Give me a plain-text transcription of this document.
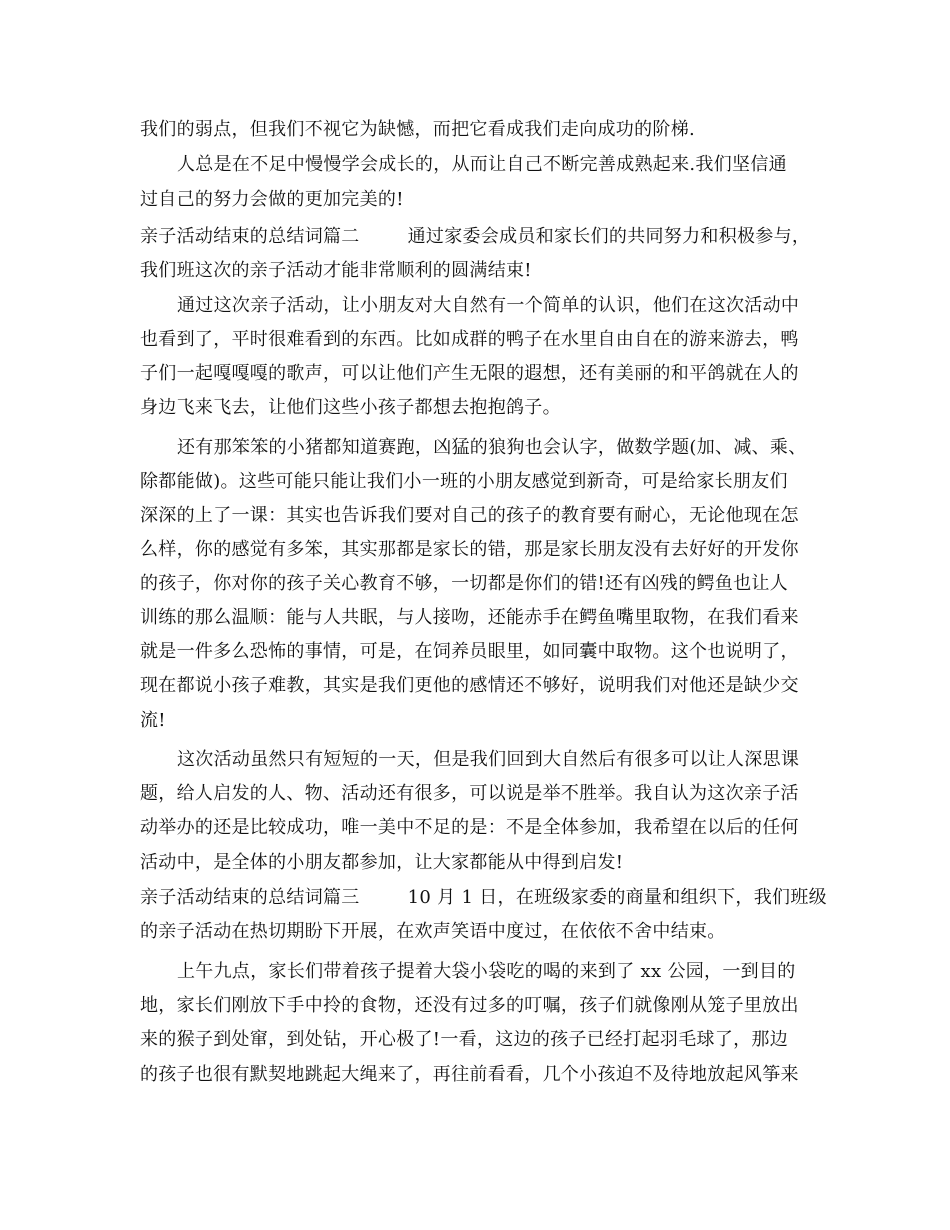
我们的弱点，但我们不视它为缺憾，而把它看成我们走向成功的阶梯.
人总是在不足中慢慢学会成长的，从而让自己不断完善成熟起来.我们坚信通
过自己的努力会做的更加完美的!
亲子活动结束的总结词篇二	通过家委会成员和家长们的共同努力和积极参与，
我们班这次的亲子活动才能非常顺利的圆满结束!
通过这次亲子活动，让小朋友对大自然有一个简单的认识，他们在这次活动中
也看到了，平时很难看到的东西。比如成群的鸭子在水里自由自在的游来游去，鸭
子们一起嘎嘎嘎的歌声，可以让他们产生无限的遐想，还有美丽的和平鸽就在人的
身边飞来飞去，让他们这些小孩子都想去抱抱鸽子。
还有那笨笨的小猪都知道赛跑，凶猛的狼狗也会认字，做数学题(加、减、乘、
除都能做)。这些可能只能让我们小一班的小朋友感觉到新奇，可是给家长朋友们
深深的上了一课：其实也告诉我们要对自己的孩子的教育要有耐心，无论他现在怎
么样，你的感觉有多笨，其实那都是家长的错，那是家长朋友没有去好好的开发你
的孩子，你对你的孩子关心教育不够，一切都是你们的错!还有凶残的鳄鱼也让人
训练的那么温顺：能与人共眠，与人接吻，还能赤手在鳄鱼嘴里取物，在我们看来
就是一件多么恐怖的事情，可是，在饲养员眼里，如同囊中取物。这个也说明了，
现在都说小孩子难教，其实是我们更他的感情还不够好，说明我们对他还是缺少交
流!
这次活动虽然只有短短的一天，但是我们回到大自然后有很多可以让人深思课
题，给人启发的人、物、活动还有很多，可以说是举不胜举。我自认为这次亲子活
动举办的还是比较成功，唯一美中不足的是：不是全体参加，我希望在以后的任何
活动中，是全体的小朋友都参加，让大家都能从中得到启发!
亲子活动结束的总结词篇三	10 月 1 日，在班级家委的商量和组织下，我们班级
的亲子活动在热切期盼下开展，在欢声笑语中度过，在依依不舍中结束。
上午九点，家长们带着孩子提着大袋小袋吃的喝的来到了 xx 公园，一到目的
地，家长们刚放下手中拎的食物，还没有过多的叮嘱，孩子们就像刚从笼子里放出
来的猴子到处窜，到处钻，开心极了!一看，这边的孩子已经打起羽毛球了，那边
的孩子也很有默契地跳起大绳来了，再往前看看，几个小孩迫不及待地放起风筝来
